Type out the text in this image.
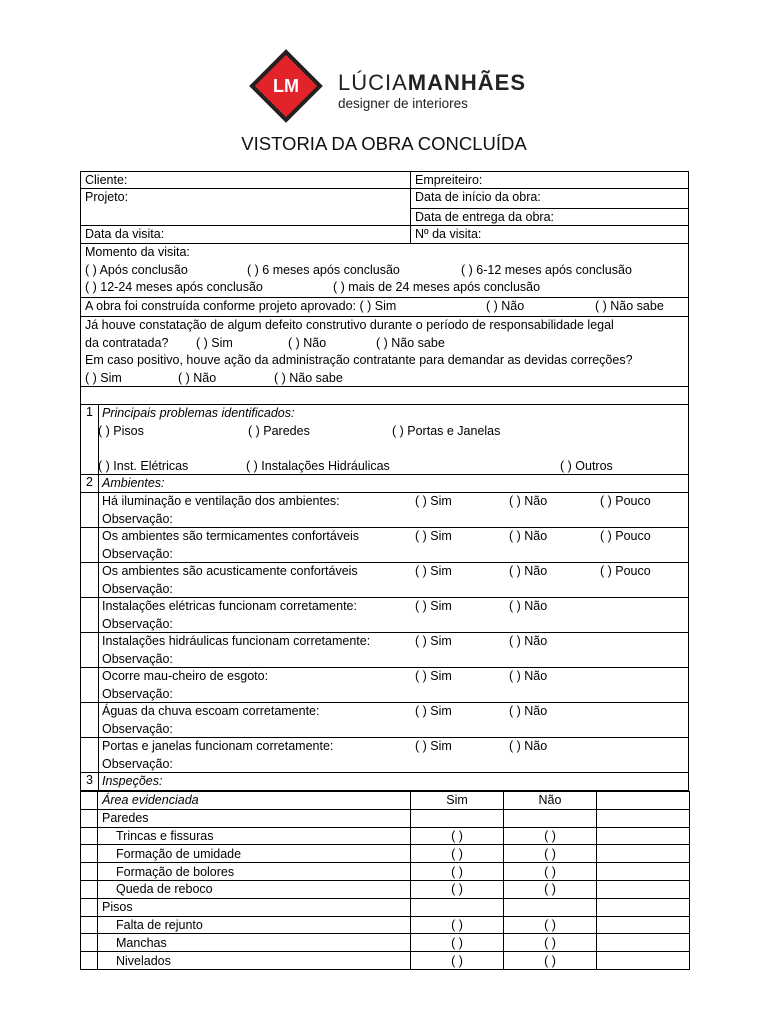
LM	LÚCIAMANHÃES
designer de interiores
VISTORIA DA OBRA CONCLUÍDA
Cliente:	Empreiteiro:
Projeto:	Data de início da obra:
Data de entrega da obra:
Data da visita:	Nº da visita:
Momento da visita:
( ) Após conclusão	( ) 6 meses após conclusão	( ) 6-12 meses após conclusão
( ) 12-24 meses após conclusão	( ) mais de 24 meses após conclusão
A obra foi construída conforme projeto aprovado: ( ) Sim	( ) Não	( ) Não sabe
Já houve constatação de algum defeito construtivo durante o período de responsabilidade legal
da contratada? ( ) Sim	( ) Não	( ) Não sabe
Em caso positivo, houve ação da administração contratante para demandar as devidas correções?
( ) Sim	( ) Não	( ) Não sabe
1 Principais problemas identificados:
( ) Pisos	( ) Paredes	( ) Portas e Janelas
( ) Inst. Elétricas	( ) Instalações Hidráulicas	( ) Outros
2 Ambientes:
Há iluminação e ventilação dos ambientes:	( ) Sim	( ) Não	( ) Pouco
Observação:
Os ambientes são termicamentes confortáveis	( ) Sim	( ) Não	( ) Pouco
Observação:
Os ambientes são acusticamente confortáveis	( ) Sim	( ) Não	( ) Pouco
Observação:
Instalações elétricas funcionam corretamente:	( ) Sim	( ) Não
Observação:
Instalações hidráulicas funcionam corretamente:	( ) Sim	( ) Não
Observação:
Ocorre mau-cheiro de esgoto:	( ) Sim	( ) Não
Observação:
Águas da chuva escoam corretamente:	( ) Sim	( ) Não
Observação:
Portas e janelas funcionam corretamente:	( ) Sim	( ) Não
Observação:
3 Inspeções:
	Área evidenciada	Sim	Não	
	Paredes			
	Trincas e fissuras	( )	( )	
	Formação de umidade	( )	( )	
	Formação de bolores	( )	( )	
	Queda de reboco	( )	( )	
	Pisos			
	Falta de rejunto	( )	( )	
	Manchas	( )	( )	
	Nivelados	( )	( )	
